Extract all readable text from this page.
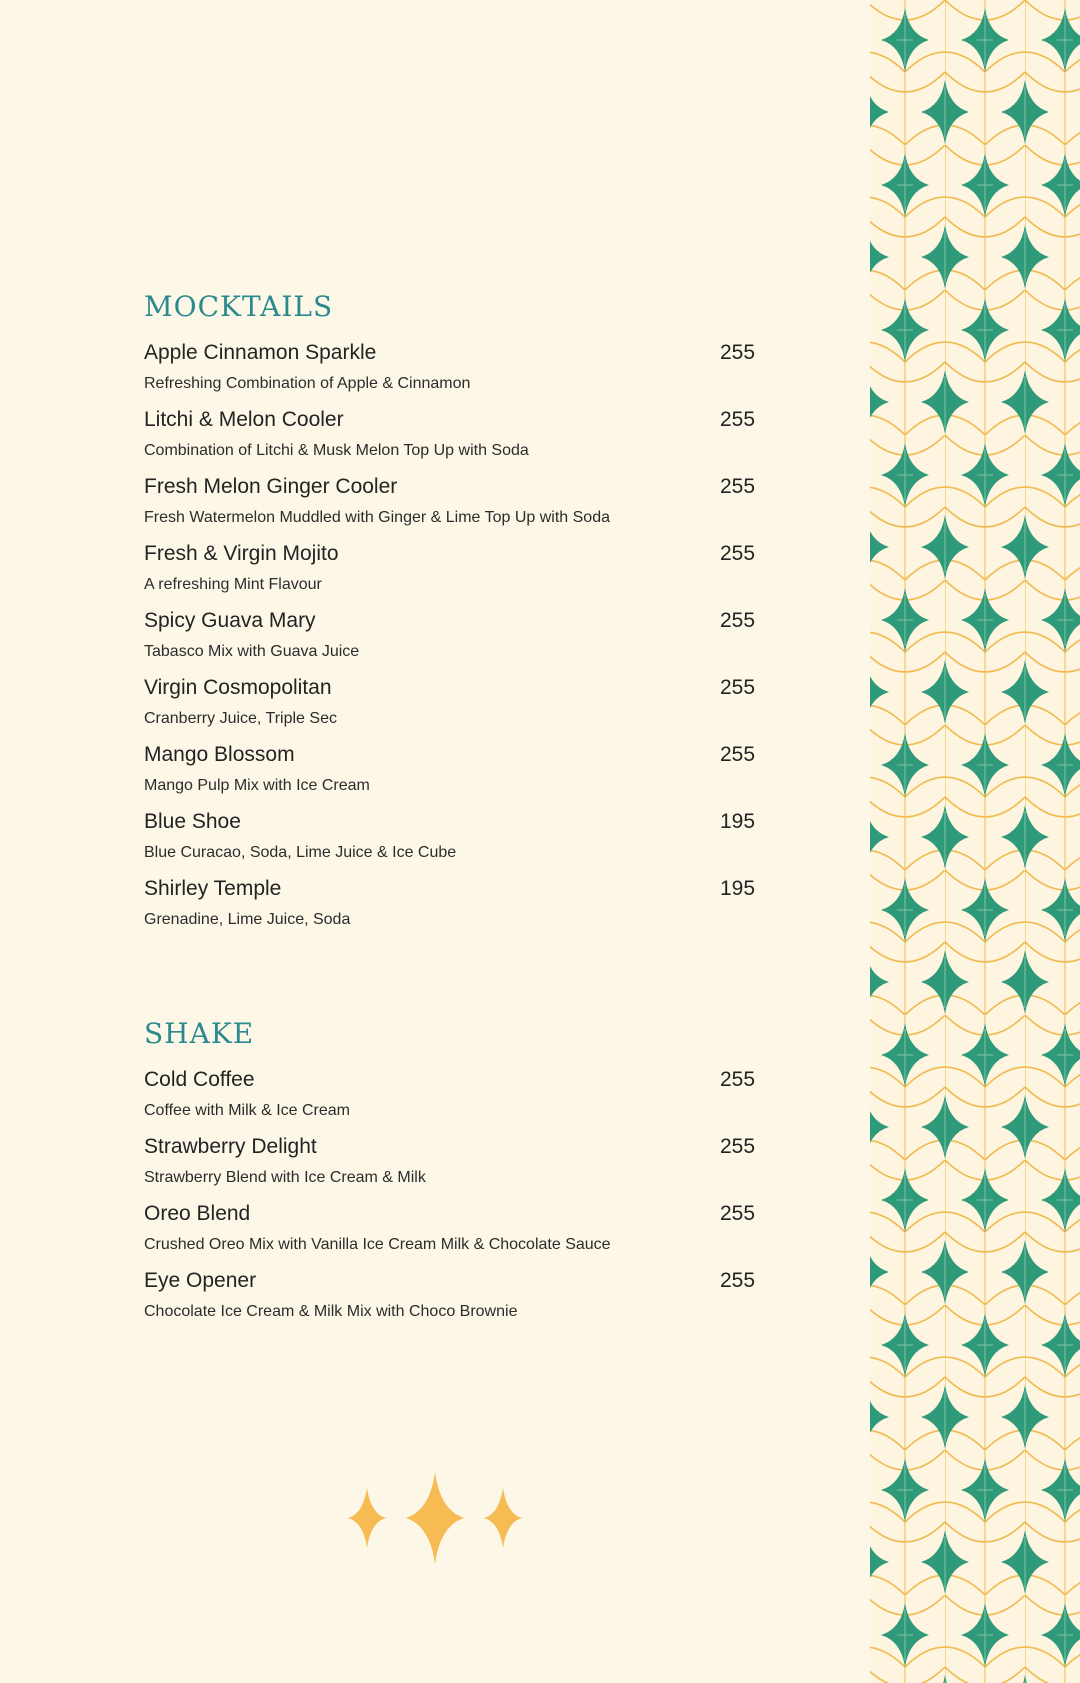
MOCKTAILS
Apple Cinnamon Sparkle	255
Refreshing Combination of Apple & Cinnamon
Litchi & Melon Cooler	255
Combination of Litchi & Musk Melon Top Up with Soda
Fresh Melon Ginger Cooler	255
Fresh Watermelon Muddled with Ginger & Lime Top Up with Soda
Fresh & Virgin Mojito	255
A refreshing Mint Flavour
Spicy Guava Mary	255
Tabasco Mix with Guava Juice
Virgin Cosmopolitan	255
Cranberry Juice, Triple Sec
Mango Blossom	255
Mango Pulp Mix with Ice Cream
Blue Shoe	195
Blue Curacao, Soda, Lime Juice & Ice Cube
Shirley Temple	195
Grenadine, Lime Juice, Soda
SHAKE
Cold Coffee	255
Coffee with Milk & Ice Cream
Strawberry Delight	255
Strawberry Blend with Ice Cream & Milk
Oreo Blend	255
Crushed Oreo Mix with Vanilla Ice Cream Milk & Chocolate Sauce
Eye Opener	255
Chocolate Ice Cream & Milk Mix with Choco Brownie
